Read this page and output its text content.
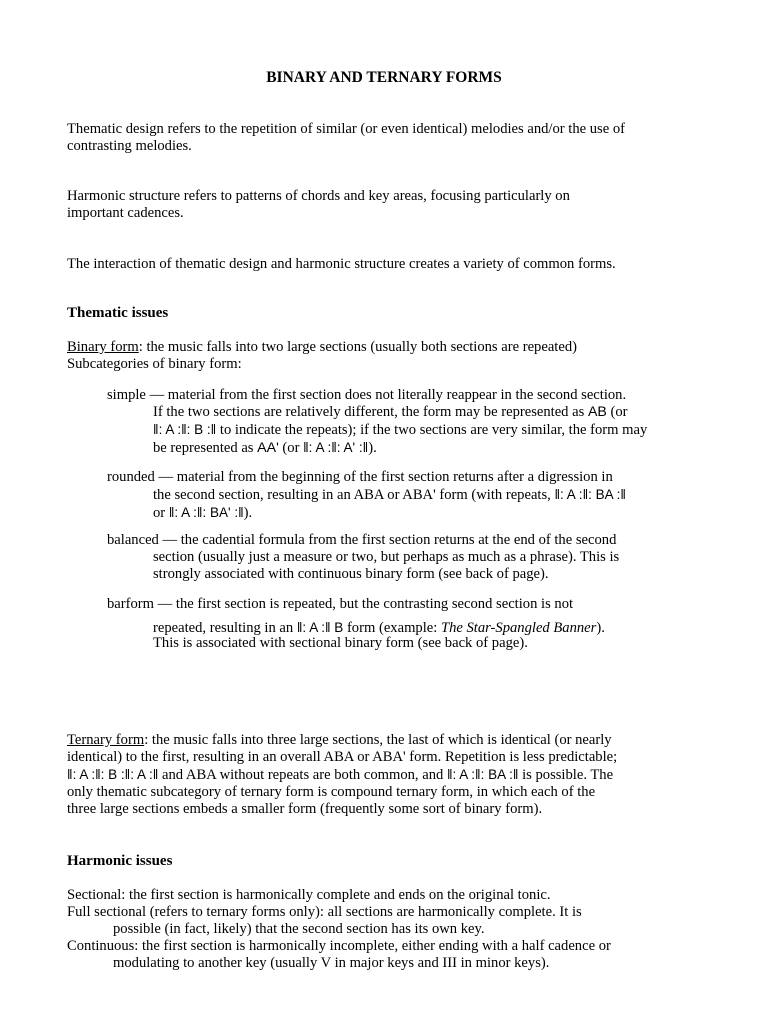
BINARY AND TERNARY FORMS
Thematic design refers to the repetition of similar (or even identical) melodies and/or the use of
contrasting melodies.
Harmonic structure refers to patterns of chords and key areas, focusing particularly on
important cadences.
The interaction of thematic design and harmonic structure creates a variety of common forms.
Thematic issues
Binary form: the music falls into two large sections (usually both sections are repeated)
Subcategories of binary form:
simple — material from the first section does not literally reappear in the second section.
If the two sections are relatively different, the form may be represented as AB (or
‖: A :‖: B :‖ to indicate the repeats); if the two sections are very similar, the form may
be represented as AA' (or ‖: A :‖: A' :‖).
rounded — material from the beginning of the first section returns after a digression in
the second section, resulting in an ABA or ABA' form (with repeats, ‖: A :‖: BA :‖
or ‖: A :‖: BA' :‖).
balanced — the cadential formula from the first section returns at the end of the second
section (usually just a measure or two, but perhaps as much as a phrase). This is
strongly associated with continuous binary form (see back of page).
barform — the first section is repeated, but the contrasting second section is not
repeated, resulting in an ‖: A :‖ B form (example: The Star-Spangled Banner).
This is associated with sectional binary form (see back of page).
Ternary form: the music falls into three large sections, the last of which is identical (or nearly
identical) to the first, resulting in an overall ABA or ABA' form. Repetition is less predictable;
‖: A :‖: B :‖: A :‖ and ABA without repeats are both common, and ‖: A :‖: BA :‖ is possible. The
only thematic subcategory of ternary form is compound ternary form, in which each of the
three large sections embeds a smaller form (frequently some sort of binary form).
Harmonic issues
Sectional: the first section is harmonically complete and ends on the original tonic.
Full sectional (refers to ternary forms only): all sections are harmonically complete. It is
possible (in fact, likely) that the second section has its own key.
Continuous: the first section is harmonically incomplete, either ending with a half cadence or
modulating to another key (usually V in major keys and III in minor keys).
